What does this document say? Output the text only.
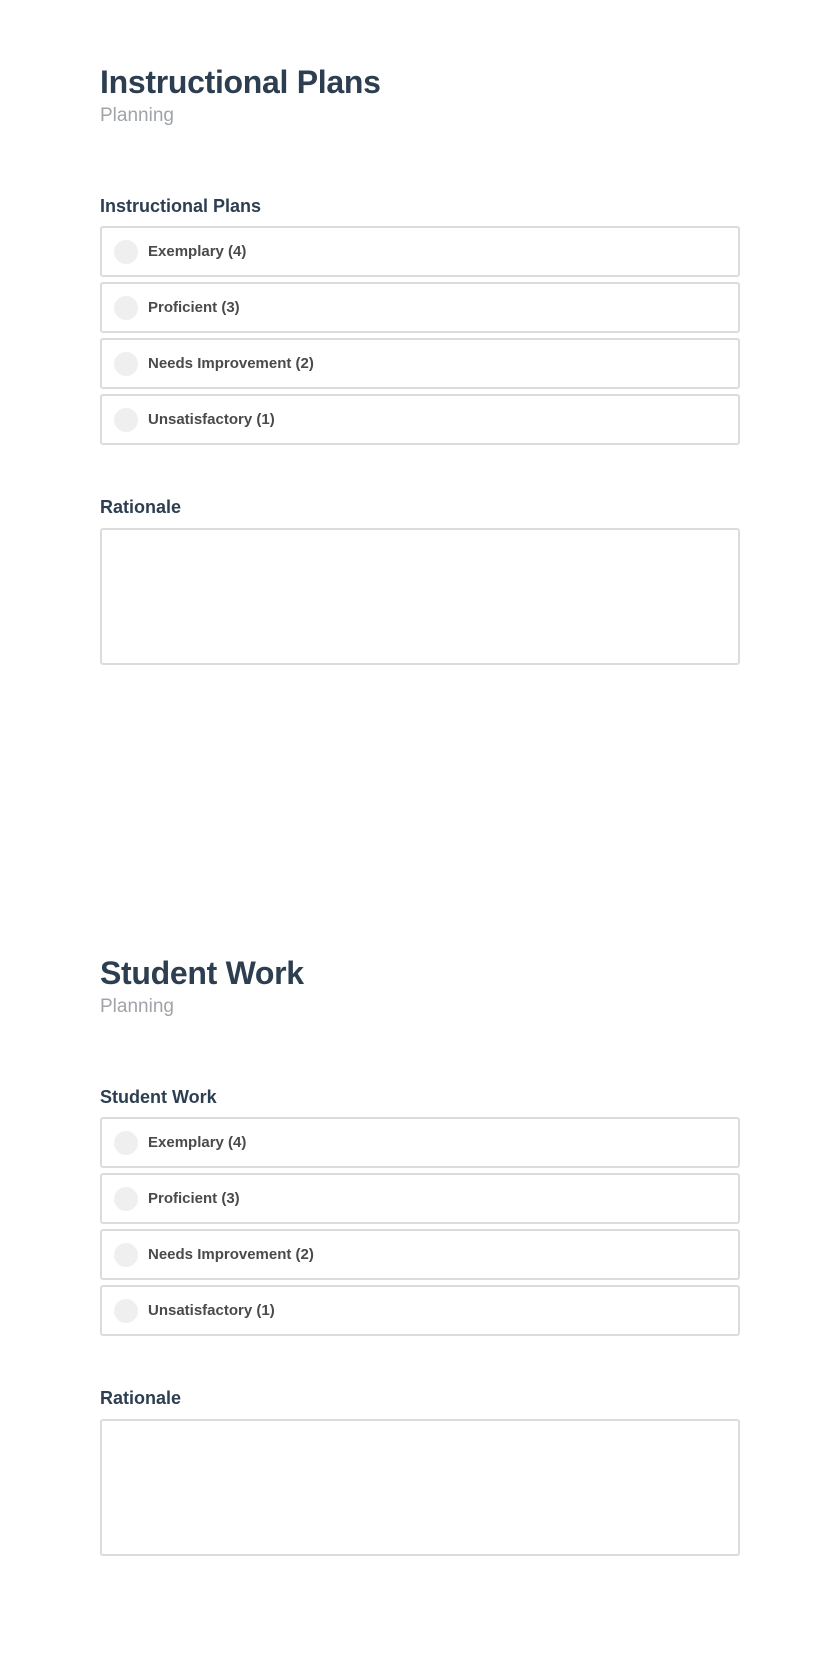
Instructional Plans
Planning
Instructional Plans
Exemplary (4)
Proficient (3)
Needs Improvement (2)
Unsatisfactory (1)
Rationale
Student Work
Planning
Student Work
Exemplary (4)
Proficient (3)
Needs Improvement (2)
Unsatisfactory (1)
Rationale
